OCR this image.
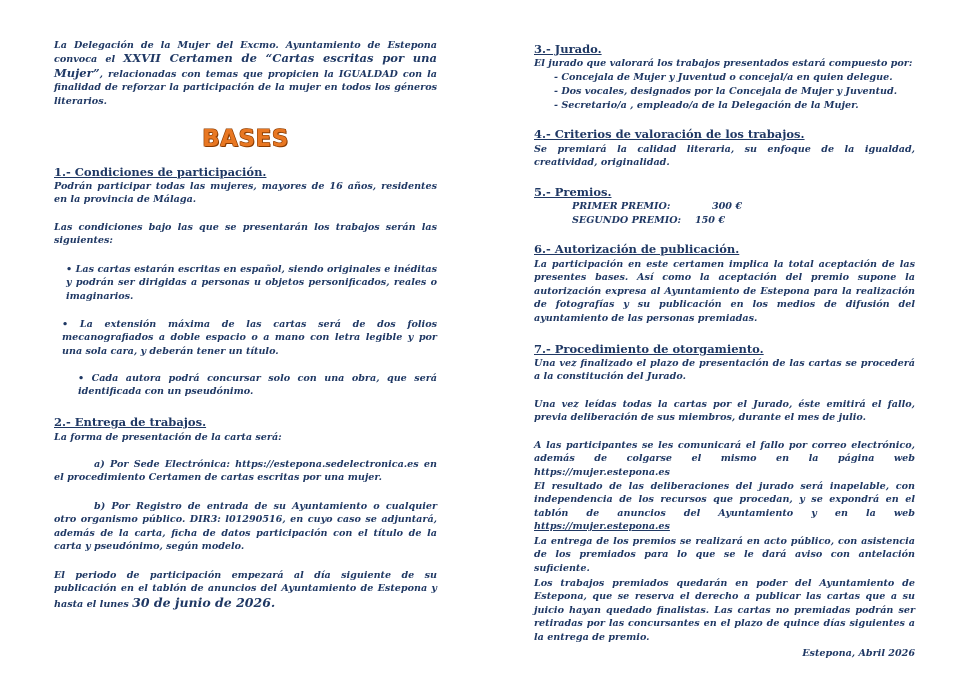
La Delegación de la Mujer del Excmo. Ayuntamiento de Estepona convoca el XXVII Certamen de “Cartas escritas por una Mujer”, relacionadas con temas que propicien la IGUALDAD con la finalidad de reforzar la participación de la mujer en todos los géneros literarios.

BASES
1.- Condiciones de participación.

Podrán participar todas las mujeres, mayores de 16 años, residentes en la provincia de Málaga.

Las condiciones bajo las que se presentarán los trabajos serán las siguientes:

• Las cartas estarán escritas en español, siendo originales e inéditas y podrán ser dirigidas a personas u objetos personificados, reales o imaginarios.

• La extensión máxima de las cartas será de dos folios mecanografiados a doble espacio o a mano con letra legible y por una sola cara, y deberán tener un título.

• Cada autora podrá concursar solo con una obra, que será identificada con un pseudónimo.

2.- Entrega de trabajos.

La forma de presentación de la carta será:

a) Por Sede Electrónica: https://estepona.sedelectronica.es en el procedimiento Certamen de cartas escritas por una mujer.

b) Por Registro de entrada de su Ayuntamiento o cualquier otro organismo público. DIR3: l01290516, en cuyo caso se adjuntará, además de la carta, ficha de datos participación con el título de la carta y pseudónimo, según modelo.

El periodo de participación empezará al día siguiente de su publicación en el tablón de anuncios del Ayuntamiento de Estepona y hasta el lunes 30 de junio de 2026.

3.- Jurado.

El jurado que valorará los trabajos presentados estará compuesto por:

- Concejala de Mujer y Juventud o concejal/a en quien delegue.

- Dos vocales, designados por la Concejala de Mujer y Juventud.

- Secretario/a , empleado/a de la Delegación de la Mujer.

4.- Criterios de valoración de los trabajos.

Se premiará la calidad literaria, su enfoque de la igualdad, creatividad, originalidad.

5.- Premios.
PRIMER PREMIO:	300 €
SEGUNDO PREMIO: 150 €
6.- Autorización de publicación.

La participación en este certamen implica la total aceptación de las presentes bases. Así como la aceptación del premio supone la autorización expresa al Ayuntamiento de Estepona para la realización de fotografías y su publicación en los medios de difusión del ayuntamiento de las personas premiadas.

7.- Procedimiento de otorgamiento.

Una vez finalizado el plazo de presentación de las cartas se procederá a la constitución del Jurado.

Una vez leídas todas la cartas por el Jurado, éste emitirá el fallo, previa deliberación de sus miembros, durante el mes de julio.

A las participantes se les comunicará el fallo por correo electrónico, además de colgarse el mismo en la página web https://mujer.estepona.es

El resultado de las deliberaciones del jurado será inapelable, con independencia de los recursos que procedan, y se expondrá en el tablón de anuncios del Ayuntamiento y en la web https://mujer.estepona.es

La entrega de los premios se realizará en acto público, con asistencia de los premiados para lo que se le dará aviso con antelación suficiente.

Los trabajos premiados quedarán en poder del Ayuntamiento de Estepona, que se reserva el derecho a publicar las cartas que a su juicio hayan quedado finalistas. Las cartas no premiadas podrán ser retiradas por las concursantes en el plazo de quince días siguientes a la entrega de premio.

Estepona, Abril 2026
